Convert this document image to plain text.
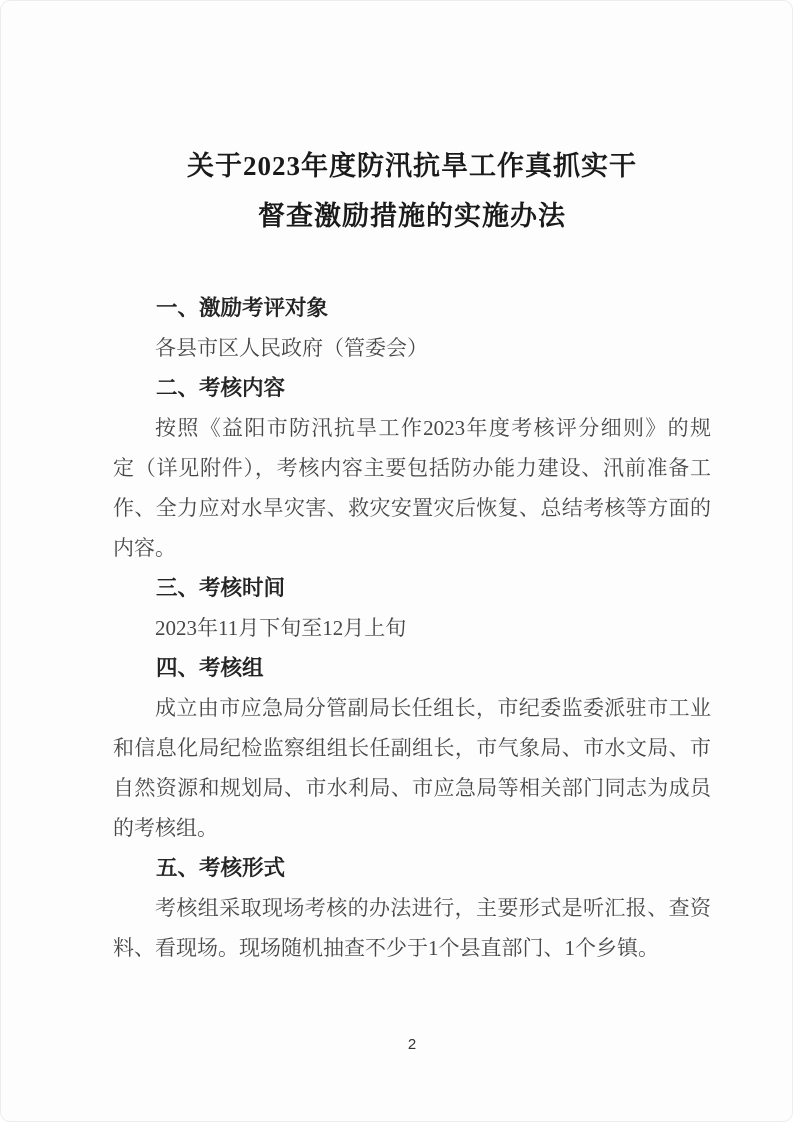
关于2023年度防汛抗旱工作真抓实干
督查激励措施的实施办法
一、激励考评对象
各县市区人民政府（管委会）
二、考核内容
按照《益阳市防汛抗旱工作2023年度考核评分细则》的规
定（详见附件），考核内容主要包括防办能力建设、汛前准备工
作、全力应对水旱灾害、救灾安置灾后恢复、总结考核等方面的
内容。
三、考核时间
2023年11月下旬至12月上旬
四、考核组
成立由市应急局分管副局长任组长，市纪委监委派驻市工业
和信息化局纪检监察组组长任副组长，市气象局、市水文局、市
自然资源和规划局、市水利局、市应急局等相关部门同志为成员
的考核组。
五、考核形式
考核组采取现场考核的办法进行，主要形式是听汇报、查资
料、看现场。现场随机抽查不少于1个县直部门、1个乡镇。
2
